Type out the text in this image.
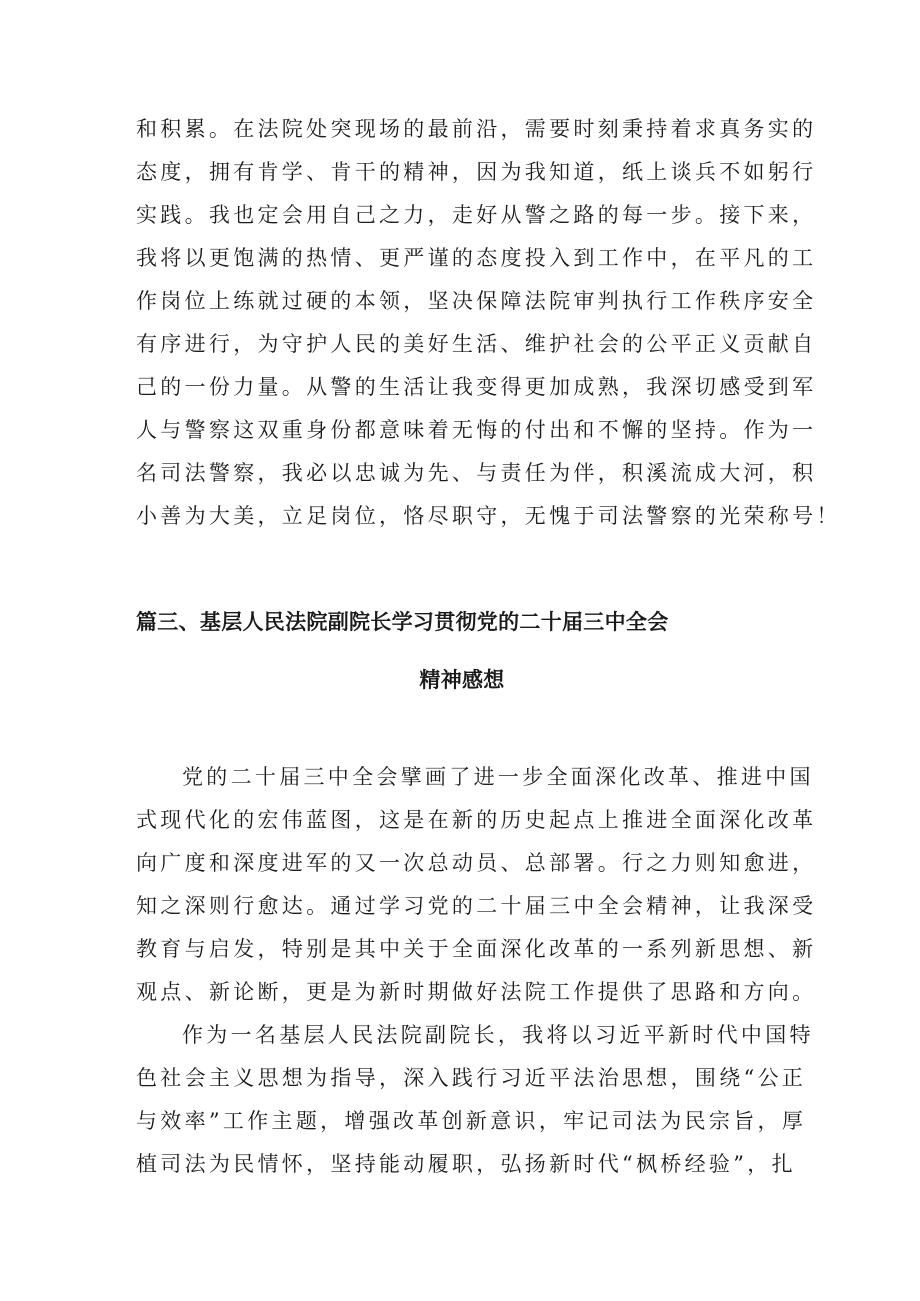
和积累。在法院处突现场的最前沿，需要时刻秉持着求真务实的
态度，拥有肯学、肯干的精神，因为我知道，纸上谈兵不如躬行
实践。我也定会用自己之力，走好从警之路的每一步。接下来，
我将以更饱满的热情、更严谨的态度投入到工作中，在平凡的工
作岗位上练就过硬的本领，坚决保障法院审判执行工作秩序安全
有序进行，为守护人民的美好生活、维护社会的公平正义贡献自
己的一份力量。从警的生活让我变得更加成熟，我深切感受到军
人与警察这双重身份都意味着无悔的付出和不懈的坚持。作为一
名司法警察，我必以忠诚为先、与责任为伴，积溪流成大河，积
小善为大美，立足岗位，恪尽职守，无愧于司法警察的光荣称号！
篇三、基层人民法院副院长学习贯彻党的二十届三中全会
精神感想
党的二十届三中全会擘画了进一步全面深化改革、推进中国
式现代化的宏伟蓝图，这是在新的历史起点上推进全面深化改革
向广度和深度进军的又一次总动员、总部署。行之力则知愈进，
知之深则行愈达。通过学习党的二十届三中全会精神，让我深受
教育与启发，特别是其中关于全面深化改革的一系列新思想、新
观点、新论断，更是为新时期做好法院工作提供了思路和方向。
作为一名基层人民法院副院长，我将以习近平新时代中国特
色社会主义思想为指导，深入践行习近平法治思想，围绕“公正
与效率”工作主题，增强改革创新意识，牢记司法为民宗旨，厚
植司法为民情怀，坚持能动履职，弘扬新时代“枫桥经验”，扎
